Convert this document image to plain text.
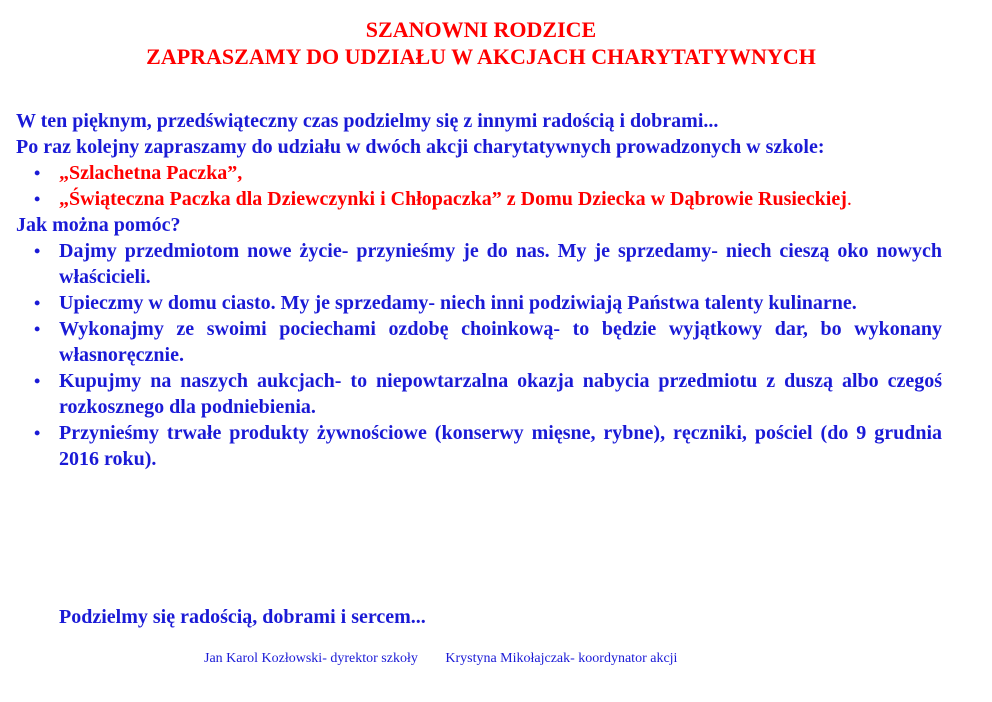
SZANOWNI RODZICE
ZAPRASZAMY DO UDZIAŁU W AKCJACH CHARYTATYWNYCH

W ten pięknym, przedświąteczny czas podzielmy się z innymi radością i dobrami...

Po raz kolejny zapraszamy do udziału w dwóch akcji charytatywnych prowadzonych w szkole:

• „Szlachetna Paczka”,
• „Świąteczna Paczka dla Dziewczynki i Chłopaczka” z Domu Dziecka w Dąbrowie Rusieckiej.

Jak można pomóc?

• Dajmy przedmiotom nowe życie- przynieśmy je do nas. My je sprzedamy- niech cieszą oko nowych właścicieli.
• Upieczmy w domu ciasto. My je sprzedamy- niech inni podziwiają Państwa talenty kulinarne.
• Wykonajmy ze swoimi pociechami ozdobę choinkową- to będzie wyjątkowy dar, bo wykonany własnoręcznie.
• Kupujmy na naszych aukcjach- to niepowtarzalna okazja nabycia przedmiotu z duszą albo czegoś rozkosznego dla podniebienia.
• Przynieśmy trwałe produkty żywnościowe (konserwy mięsne, rybne), ręczniki, pościel (do 9 grudnia 2016 roku).
Podzielmy się radością, dobrami i sercem...
Jan Karol Kozłowski- dyrektor szkoły Krystyna Mikołajczak- koordynator akcji
